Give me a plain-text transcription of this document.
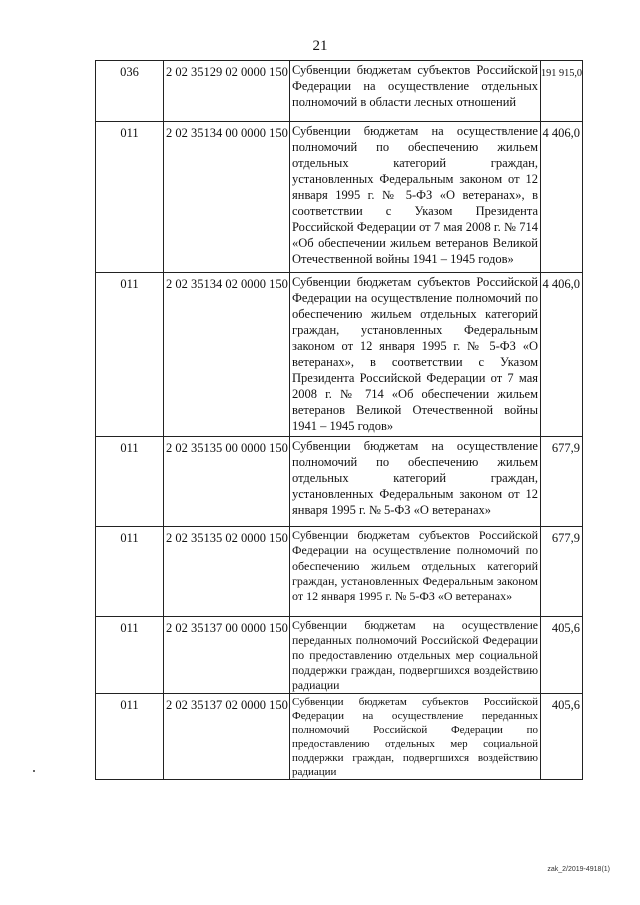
21
036	2 02 35129 02 0000 150 Субвенции бюджетам субъектов Российской Федерации на осуществление отдельных полномочий в области лесных отношений
191 915,0
011	2 02 35134 00 0000 150 Субвенции бюджетам на осуществление полномочий по обеспечению жильем отдельных категорий граждан, установленных Федеральным законом от 12 января 1995 г. № 5-ФЗ «О ветеранах», в соответствии с Указом Президента Российской Федерации от 7 мая 2008 г. № 714 «Об обеспечении жильем ветеранов Великой Отечественной войны 1941 – 1945 годов»
4 406,0
011	2 02 35134 02 0000 150 Субвенции бюджетам субъектов Российской Федерации на осуществление полномочий по обеспечению жильем отдельных категорий граждан, установленных Федеральным законом от 12 января 1995 г. № 5-ФЗ «О ветеранах», в соответствии с Указом Президента Российской Федерации от 7 мая 2008 г. № 714 «Об обеспечении жильем ветеранов Великой Отечественной войны 1941 – 1945 годов»
4 406,0
011	2 02 35135 00 0000 150 Субвенции бюджетам на осуществление полномочий по обеспечению жильем отдельных категорий граждан, установленных Федеральным законом от 12 января 1995 г. № 5-ФЗ «О ветеранах»
677,9
011	2 02 35135 02 0000 150 Субвенции бюджетам субъектов Российской Федерации на осуществление полномочий по обеспечению жильем отдельных категорий граждан, установленных Федеральным законом от 12 января 1995 г. № 5-ФЗ «О ветеранах»
677,9
011	2 02 35137 00 0000 150 Субвенции бюджетам на осуществление переданных полномочий Российской Федерации по предоставлению отдельных мер социальной поддержки граждан, подвергшихся воздействию радиации
405,6
011	2 02 35137 02 0000 150 Субвенции бюджетам субъектов Российской Федерации на осуществление переданных полномочий Российской Федерации по предоставлению отдельных мер социальной поддержки граждан, подвергшихся воздействию радиации
405,6
zak_2/2019-4918(1)
